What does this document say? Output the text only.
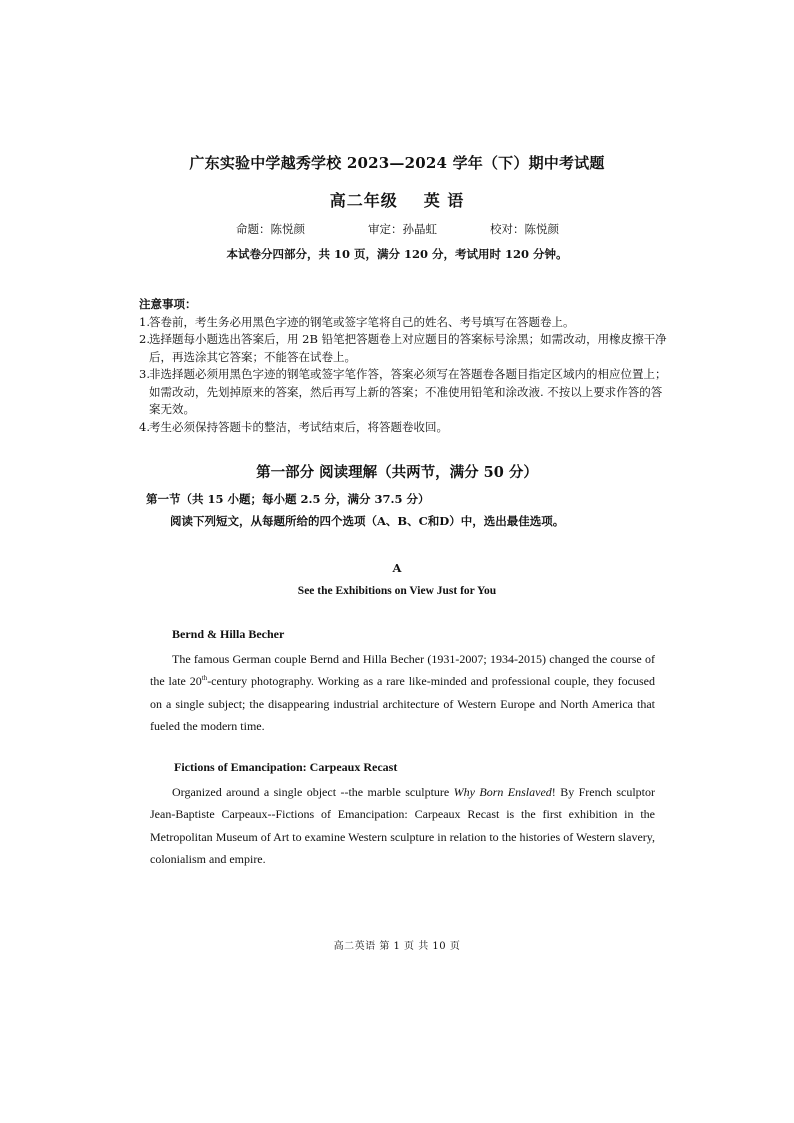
广东实验中学越秀学校 2023—2024 学年（下）期中考试题
高二年级 英 语
命题：陈悦颜	审定：孙晶虹	校对：陈悦颜
本试卷分四部分，共 10 页，满分 120 分，考试用时 120 分钟。
注意事项：
1. 答卷前，考生务必用黑色字迹的钢笔或签字笔将自己的姓名、考号填写在答题卷上。
2. 选择题每小题选出答案后，用 2B 铅笔把答题卷上对应题目的答案标号涂黑；如需改动，用橡皮擦干净后，再选涂其它答案；不能答在试卷上。
3. 非选择题必须用黑色字迹的钢笔或签字笔作答，答案必须写在答题卷各题目指定区域内的相应位置上；如需改动，先划掉原来的答案，然后再写上新的答案；不准使用铅笔和涂改液. 不按以上要求作答的答案无效。
4. 考生必须保持答题卡的整洁，考试结束后，将答题卷收回。
第一部分 阅读理解（共两节，满分 50 分）
第一节（共 15 小题；每小题 2.5 分，满分 37.5 分）
阅读下列短文，从每题所给的四个选项（A、B、C和D）中，选出最佳选项。
A
See the Exhibitions on View Just for You
Bernd & Hilla Becher
The famous German couple Bernd and Hilla Becher (1931-2007; 1934-2015) changed the course of the late 20th-century photography. Working as a rare like-minded and professional couple, they focused on a single subject; the disappearing industrial architecture of Western Europe and North America that fueled the modern time.
Fictions of Emancipation: Carpeaux Recast
Organized around a single object --the marble sculpture Why Born Enslaved! By French sculptor Jean-Baptiste Carpeaux--Fictions of Emancipation: Carpeaux Recast is the first exhibition in the Metropolitan Museum of Art to examine Western sculpture in relation to the histories of Western slavery, colonialism and empire.
高二英语 第 1 页 共 10 页
